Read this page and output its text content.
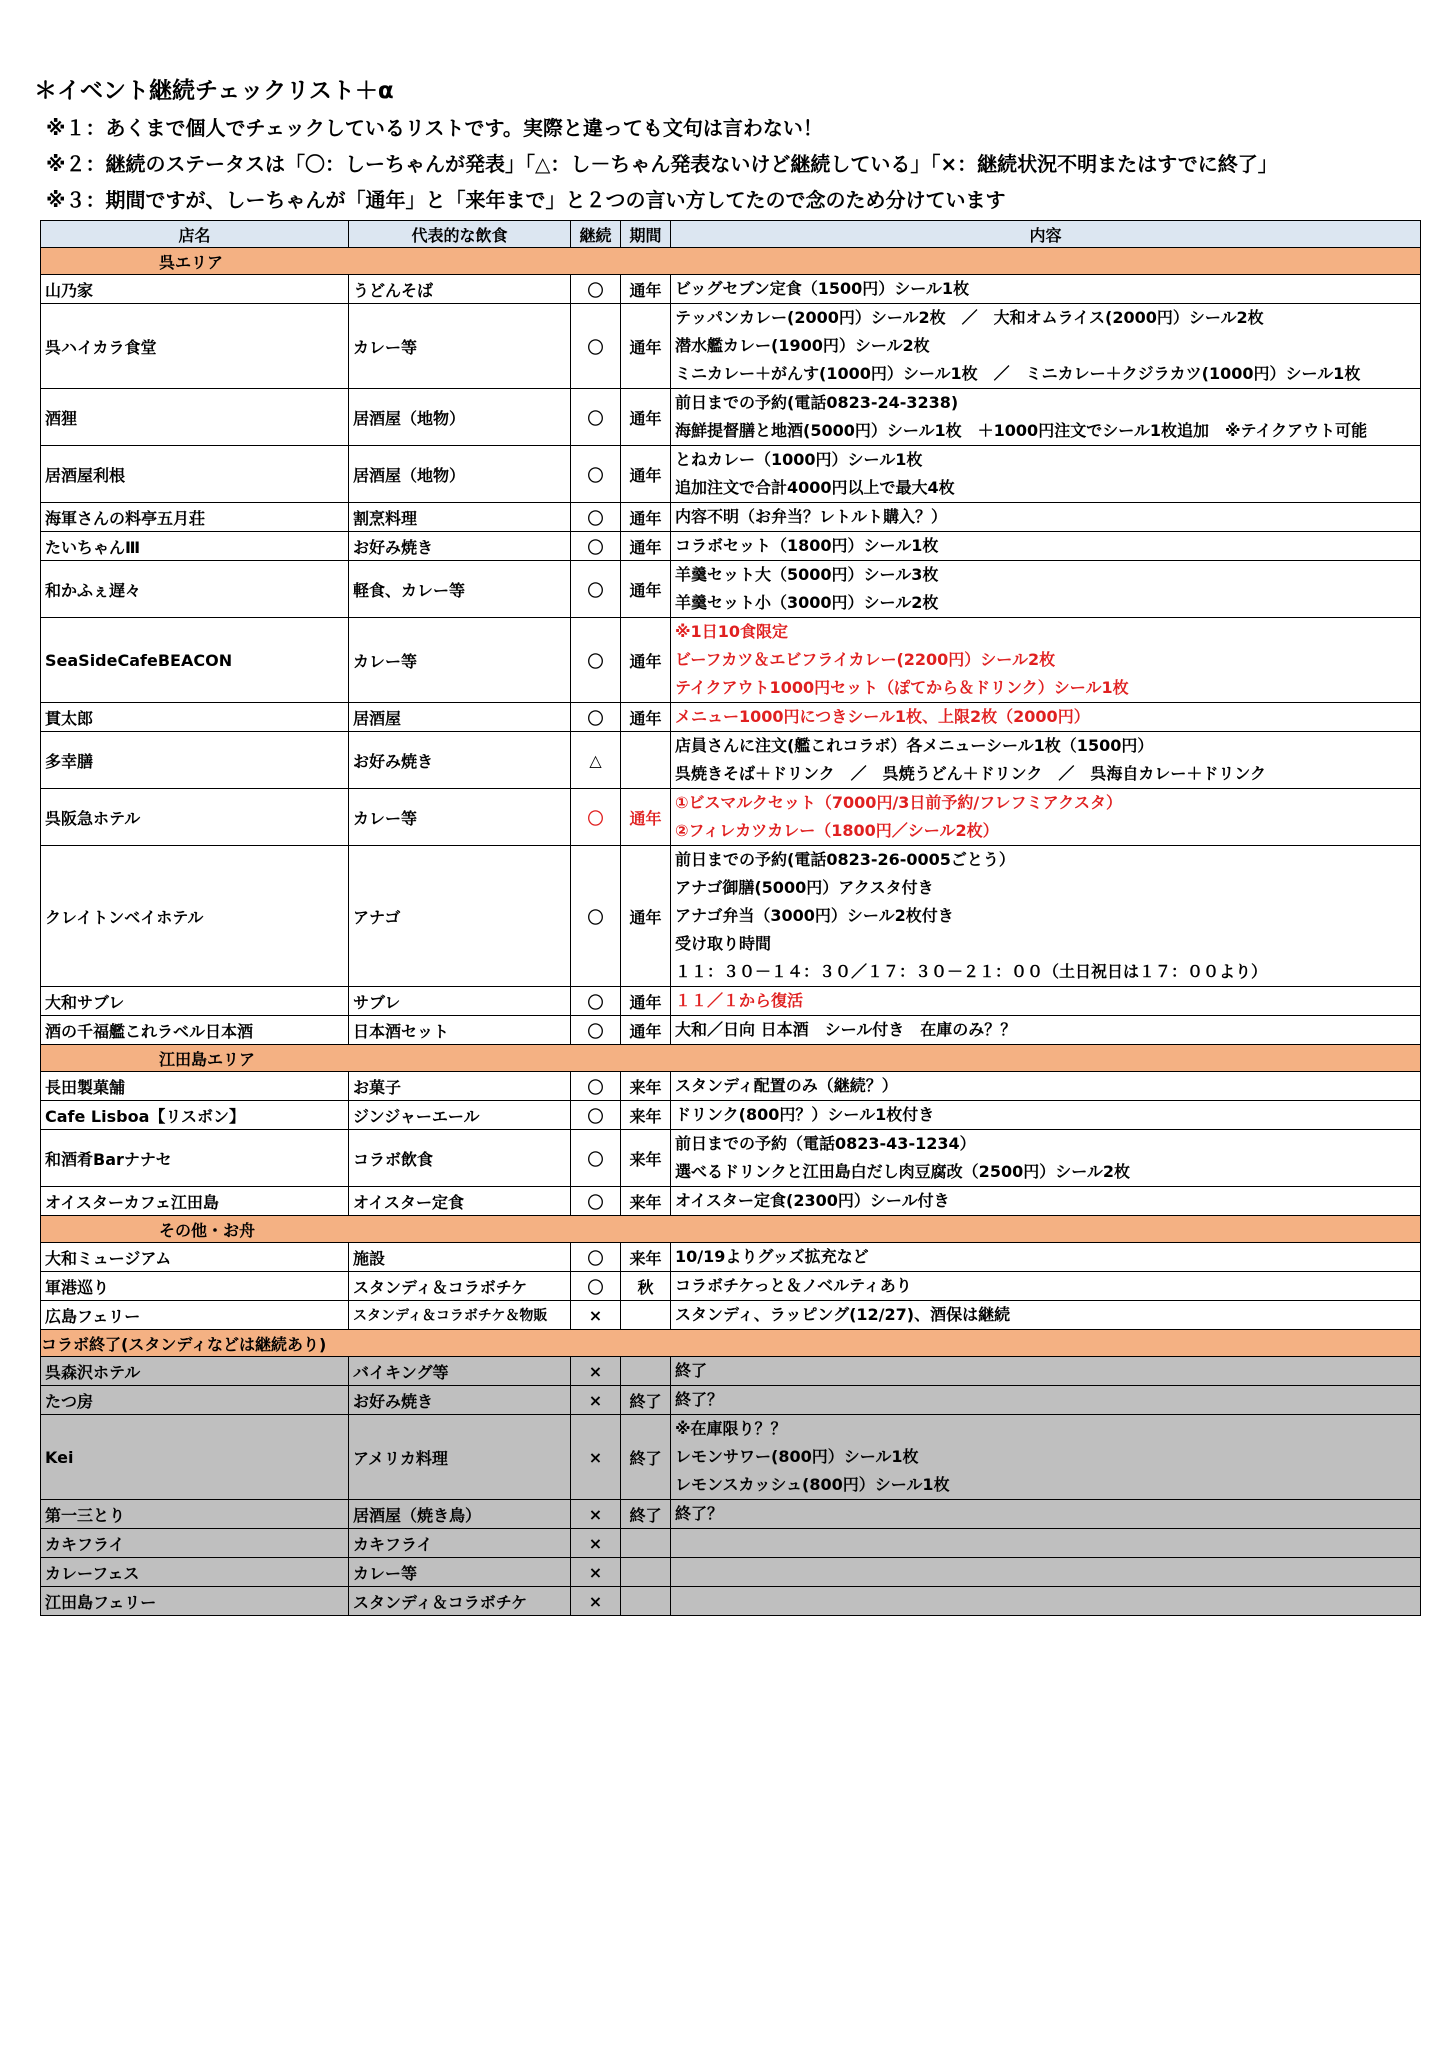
＊イベント継続チェックリスト＋α
※１：あくまで個人でチェックしているリストです。実際と違っても文句は言わない！
※２：継続のステータスは「〇：しーちゃんが発表」「△：し－ちゃん発表ないけど継続している」「×：継続状況不明またはすでに終了」
※３：期間ですが、しーちゃんが「通年」と「来年まで」と２つの言い方してたので念のため分けています
店名	代表的な飲食	継続	期間	内容
呉エリア				
山乃家	うどんそば	〇	通年	ビッグセブン定食（1500円）シール1枚

呉ハイカラ食堂	カレー等	〇	通年	テッパンカレー(2000円）シール2枚　／　大和オムライス(2000円）シール2枚
潜水艦カレー(1900円）シール2枚
ミニカレー＋がんす(1000円）シール1枚　／　ミニカレー＋クジラカツ(1000円）シール1枚

酒狸	居酒屋（地物）	〇	通年	前日までの予約(電話0823-24-3238)
海鮮提督膳と地酒(5000円）シール1枚　＋1000円注文でシール1枚追加　※テイクアウト可能

居酒屋利根	居酒屋（地物）	〇	通年	とねカレー（1000円）シール1枚
追加注文で合計4000円以上で最大4枚

海軍さんの料亭五月荘	割烹料理	〇	通年	内容不明（お弁当？レトルト購入？）

たいちゃんⅢ	お好み焼き	〇	通年	コラボセット（1800円）シール1枚

和かふぇ遅々	軽食、カレー等	〇	通年	羊羹セット大（5000円）シール3枚
羊羹セット小（3000円）シール2枚

SeaSideCafeBEACON	カレー等	〇	通年	※1日10食限定
ビーフカツ＆エビフライカレー(2200円）シール2枚
テイクアウト1000円セット（ぽてから＆ドリンク）シール1枚

貫太郎	居酒屋	〇	通年	メニュー1000円につきシール1枚、上限2枚（2000円）

多幸膳	お好み焼き	△		店員さんに注文(艦これコラボ）各メニューシール1枚（1500円）
呉焼きそば＋ドリンク　／　呉焼うどん＋ドリンク　／　呉海自カレー＋ドリンク

呉阪急ホテル	カレー等	〇	通年	①ビスマルクセット（7000円/3日前予約/フレフミアクスタ）
②フィレカツカレー（1800円／シール2枚）

クレイトンベイホテル	アナゴ	〇	通年	前日までの予約(電話0823-26-0005ごとう）
アナゴ御膳(5000円）アクスタ付き
アナゴ弁当（3000円）シール2枚付き
受け取り時間
１１：３０－１４：３０／１７：３０－２１：００（土日祝日は１７：００より）

大和サブレ	サブレ	〇	通年	１１／１から復活

酒の千福艦これラベル日本酒	日本酒セット	〇	通年	大和／日向 日本酒　シール付き　在庫のみ？？

江田島エリア				
長田製菓舗	お菓子	〇	来年	スタンディ配置のみ（継続？）

Cafe Lisboa【リスボン】	ジンジャーエール	〇	来年	ドリンク(800円？）シール1枚付き

和酒肴Barナナセ	コラボ飲食	〇	来年	前日までの予約（電話0823-43-1234）
選べるドリンクと江田島白だし肉豆腐改（2500円）シール2枚

オイスターカフェ江田島	オイスター定食	〇	来年	オイスター定食(2300円）シール付き

その他・お舟				
大和ミュージアム	施設	〇	来年	10/19よりグッズ拡充など

軍港巡り	スタンディ＆コラボチケ	〇	秋	コラボチケっと＆ノベルティあり

広島フェリー	スタンディ＆コラボチケ＆物販	×		スタンディ、ラッピング(12/27)、酒保は継続

コラボ終了(スタンディなどは継続あり)				
呉森沢ホテル	バイキング等	×		終了

たつ房	お好み焼き	×	終了	終了？

Kei	アメリカ料理	×	終了	※在庫限り？？
レモンサワー(800円）シール1枚
レモンスカッシュ(800円）シール1枚

第一三とり	居酒屋（焼き鳥）	×	終了	終了？

カキフライ	カキフライ	×		

カレーフェス	カレー等	×		

江田島フェリー	スタンディ＆コラボチケ	×		
